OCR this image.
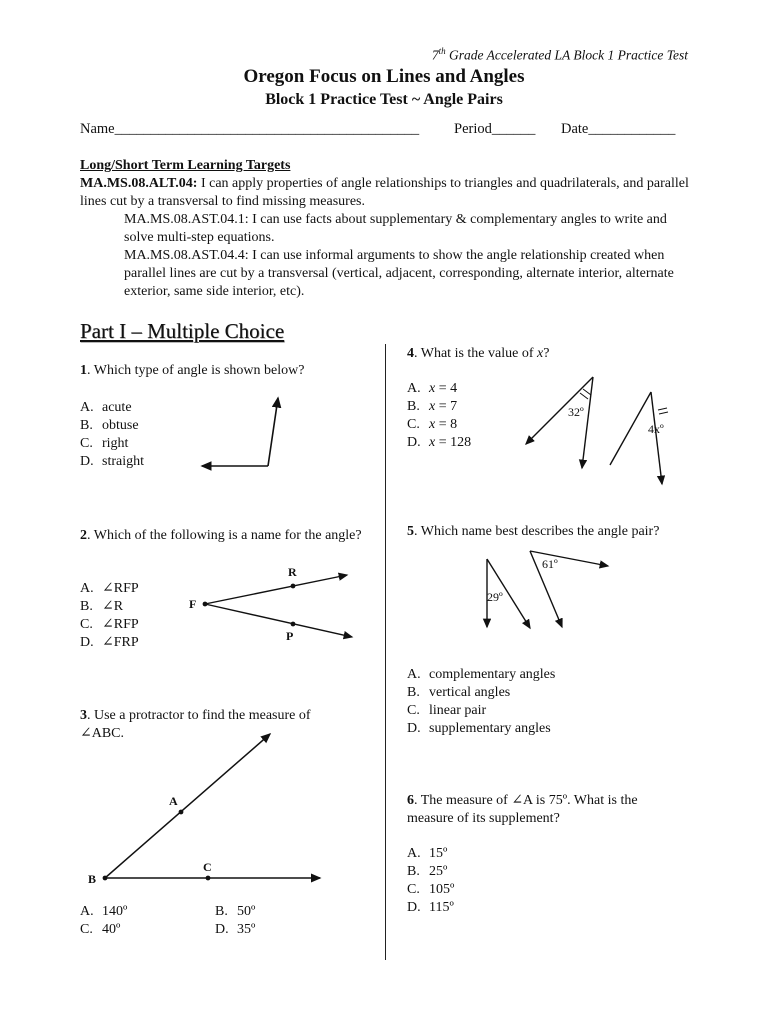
7th Grade Accelerated LA Block 1 Practice Test
Oregon Focus on Lines and Angles
Block 1 Practice Test ~ Angle Pairs
Name__________________________________________ Period______ Date____________
Long/Short Term Learning Targets
MA.MS.08.ALT.04: I can apply properties of angle relationships to triangles and quadrilaterals, and parallel lines cut by a transversal to find missing measures.
MA.MS.08.AST.04.1: I can use facts about supplementary & complementary angles to write and solve multi-step equations.
MA.MS.08.AST.04.4: I can use informal arguments to show the angle relationship created when parallel lines are cut by a transversal (vertical, adjacent, corresponding, alternate interior, alternate exterior, same side interior, etc).
Part I – Multiple Choice
1. Which type of angle is shown below?
A. acute
B. obtuse
C. right
D. straight
R
F
P
A
B
C
32º
4xº
29º
61º
2. Which of the following is a name for the angle?
A. ∠RFP
B. ∠R
C. ∠RFP
D. ∠FRP
3. Use a protractor to find the measure of ∠ABC.
A. 140º
C. 40º
B. 50º
D. 35º
4. What is the value of x?
A. x = 4
B. x = 7
C. x = 8
D. x = 128
5. Which name best describes the angle pair?
A. complementary angles
B. vertical angles
C. linear pair
D. supplementary angles
6. The measure of ∠A is 75º. What is the measure of its supplement?
A. 15º
B. 25º
C. 105º
D. 115º
